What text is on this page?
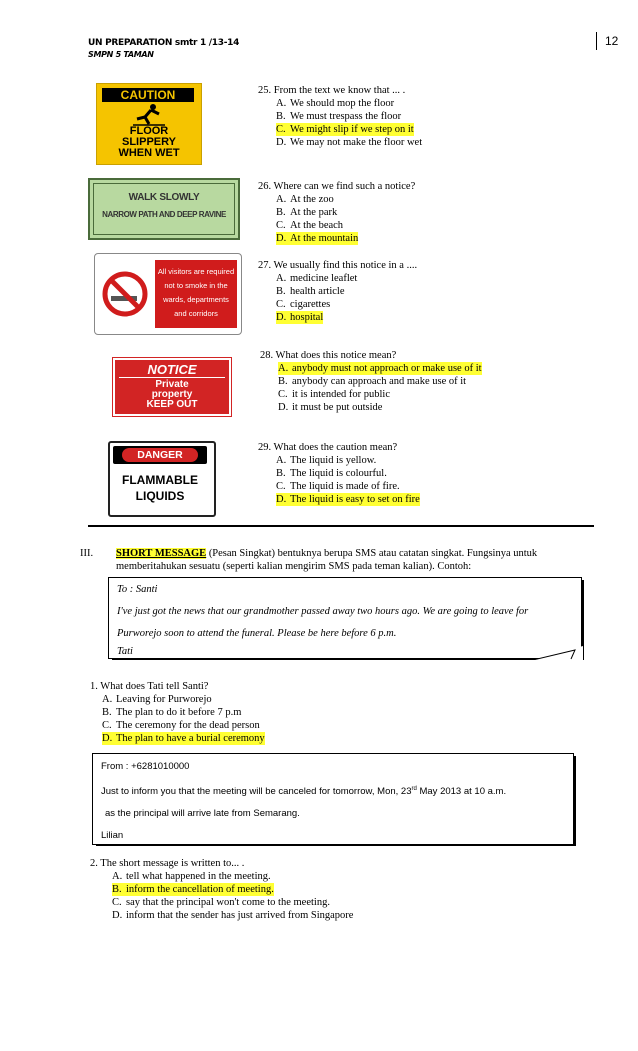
UN PREPARATION smtr 1 /13-14
SMPN 5 TAMAN
12
CAUTION
FLOOR
SLIPPERY
WHEN WET
25. From the text we know that ... .
A. We should mop the floor
B. We must trespass the floor
C. We might slip if we step on it
D. We may not make the floor wet
WALK SLOWLY
NARROW PATH AND DEEP RAVINE
26. Where can we find such a notice?
A. At the zoo
B. At the park
C. At the beach
D. At the mountain
All visitors are required
not to smoke in the
wards, departments
and corridors
27. We usually find this notice in a ....
A. medicine leaflet
B. health article
C. cigarettes
D. hospital
NOTICE
Private
property
KEEP OUT
28. What does this notice mean?
A. anybody must not approach or make use of it
B. anybody can approach and make use of it
C. it is intended for public
D. it must be put outside
DANGER
FLAMMABLE
LIQUIDS
29. What does the caution mean?
A. The liquid is yellow.
B. The liquid is colourful.
C. The liquid is made of fire.
D. The liquid is easy to set on fire
III. SHORT MESSAGE (Pesan Singkat) bentuknya berupa SMS atau catatan singkat. Fungsinya untuk
memberitahukan sesuatu (seperti kalian mengirim SMS pada teman kalian). Contoh:
To : Santi
I've just got the news that our grandmother passed away two hours ago. We are going to leave for
Purworejo soon to attend the funeral. Please be here before 6 p.m.
Tati
1. What does Tati tell Santi?
A. Leaving for Purworejo
B. The plan to do it before 7 p.m
C. The ceremony for the dead person
D. The plan to have a burial ceremony
From : +6281010000
Just to inform you that the meeting will be canceled for tomorrow, Mon, 23rd May 2013 at 10 a.m.
as the principal will arrive late from Semarang.
Lilian
2. The short message is written to... .
A. tell what happened in the meeting.
B. inform the cancellation of meeting.
C. say that the principal won't come to the meeting.
D. inform that the sender has just arrived from Singapore
